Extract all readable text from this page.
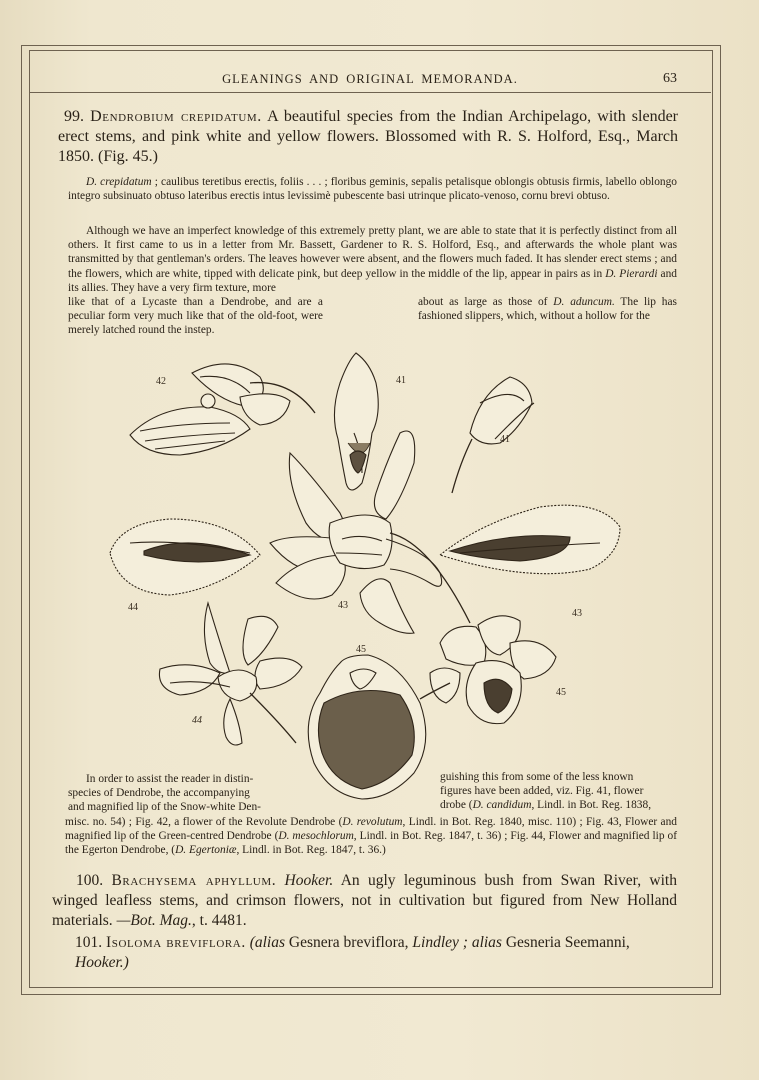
GLEANINGS AND ORIGINAL MEMORANDA.	63
99. Dendrobium crepidatum. A beautiful species from the Indian Archipelago, with slender erect stems, and pink white and yellow flowers. Blossomed with R. S. Holford, Esq., March 1850. (Fig. 45.)
D. crepidatum ; caulibus teretibus erectis, foliis . . . ; floribus geminis, sepalis petalisque oblongis obtusis firmis, labello oblongo integro subsinuato obtuso lateribus erectis intus levissimè pubescente basi utrinque plicato-venoso, cornu brevi obtuso.
Although we have an imperfect knowledge of this extremely pretty plant, we are able to state that it is perfectly distinct from all others. It first came to us in a letter from Mr. Bassett, Gardener to R. S. Holford, Esq., and afterwards the whole plant was transmitted by that gentleman's orders. The leaves however were absent, and the flowers much faded. It has slender erect stems ; and the flowers, which are white, tipped with delicate pink, but deep yellow in the middle of the lip, appear in pairs as in D. Pierardi and its allies. They have a very firm texture, more
like that of a Lycaste than a Dendrobe, and are a peculiar form very much like that of the old-foot, were merely latched round the instep.
about as large as those of D. aduncum. The lip has fashioned slippers, which, without a hollow for the
42	41
41
44	43
43
45
44
45
In order to assist the reader in distin-
species of Dendrobe, the accompanying
and magnified lip of the Snow-white Den-
guishing this from some of the less known
figures have been added, viz. Fig. 41, flower
drobe (D. candidum, Lindl. in Bot. Reg. 1838,
misc. no. 54) ; Fig. 42, a flower of the Revolute Dendrobe (D. revolutum, Lindl. in Bot. Reg. 1840, misc. 110) ; Fig. 43, Flower and magnified lip of the Green-centred Dendrobe (D. mesochlorum, Lindl. in Bot. Reg. 1847, t. 36) ; Fig. 44, Flower and magnified lip of the Egerton Dendrobe, (D. Egertoniæ, Lindl. in Bot. Reg. 1847, t. 36.)
100. Brachysema aphyllum. Hooker. An ugly leguminous bush from Swan River, with winged leafless stems, and crimson flowers, not in cultivation but figured from New Holland materials. —Bot. Mag., t. 4481.
101. Isoloma breviflora. (alias Gesnera breviflora, Lindley ; alias Gesneria Seemanni, Hooker.)
